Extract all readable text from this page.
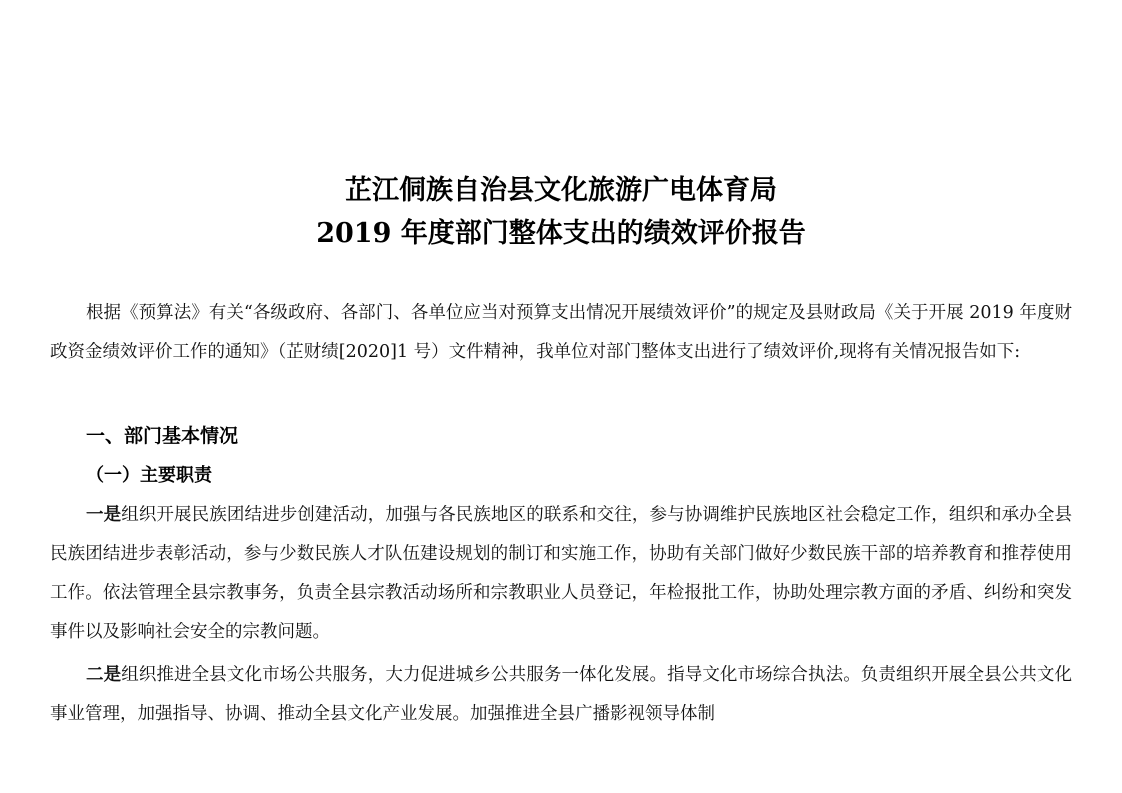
芷江侗族自治县文化旅游广电体育局
2019 年度部门整体支出的绩效评价报告

根据《预算法》有关“各级政府、各部门、各单位应当对预算支出情况开展绩效评价”的规定及县财政局《关于开展 2019 年度财政资金绩效评价工作的通知》（芷财绩[2020]1 号）文件精神，我单位对部门整体支出进行了绩效评价,现将有关情况报告如下:

一、部门基本情况
（一）主要职责

一是组织开展民族团结进步创建活动，加强与各民族地区的联系和交往，参与协调维护民族地区社会稳定工作，组织和承办全县民族团结进步表彰活动，参与少数民族人才队伍建设规划的制订和实施工作，协助有关部门做好少数民族干部的培养教育和推荐使用工作。依法管理全县宗教事务，负责全县宗教活动场所和宗教职业人员登记，年检报批工作，协助处理宗教方面的矛盾、纠纷和突发事件以及影响社会安全的宗教问题。

二是组织推进全县文化市场公共服务，大力促进城乡公共服务一体化发展。指导文化市场综合执法。负责组织开展全县公共文化事业管理，加强指导、协调、推动全县文化产业发展。加强推进全县广播影视领导体制
